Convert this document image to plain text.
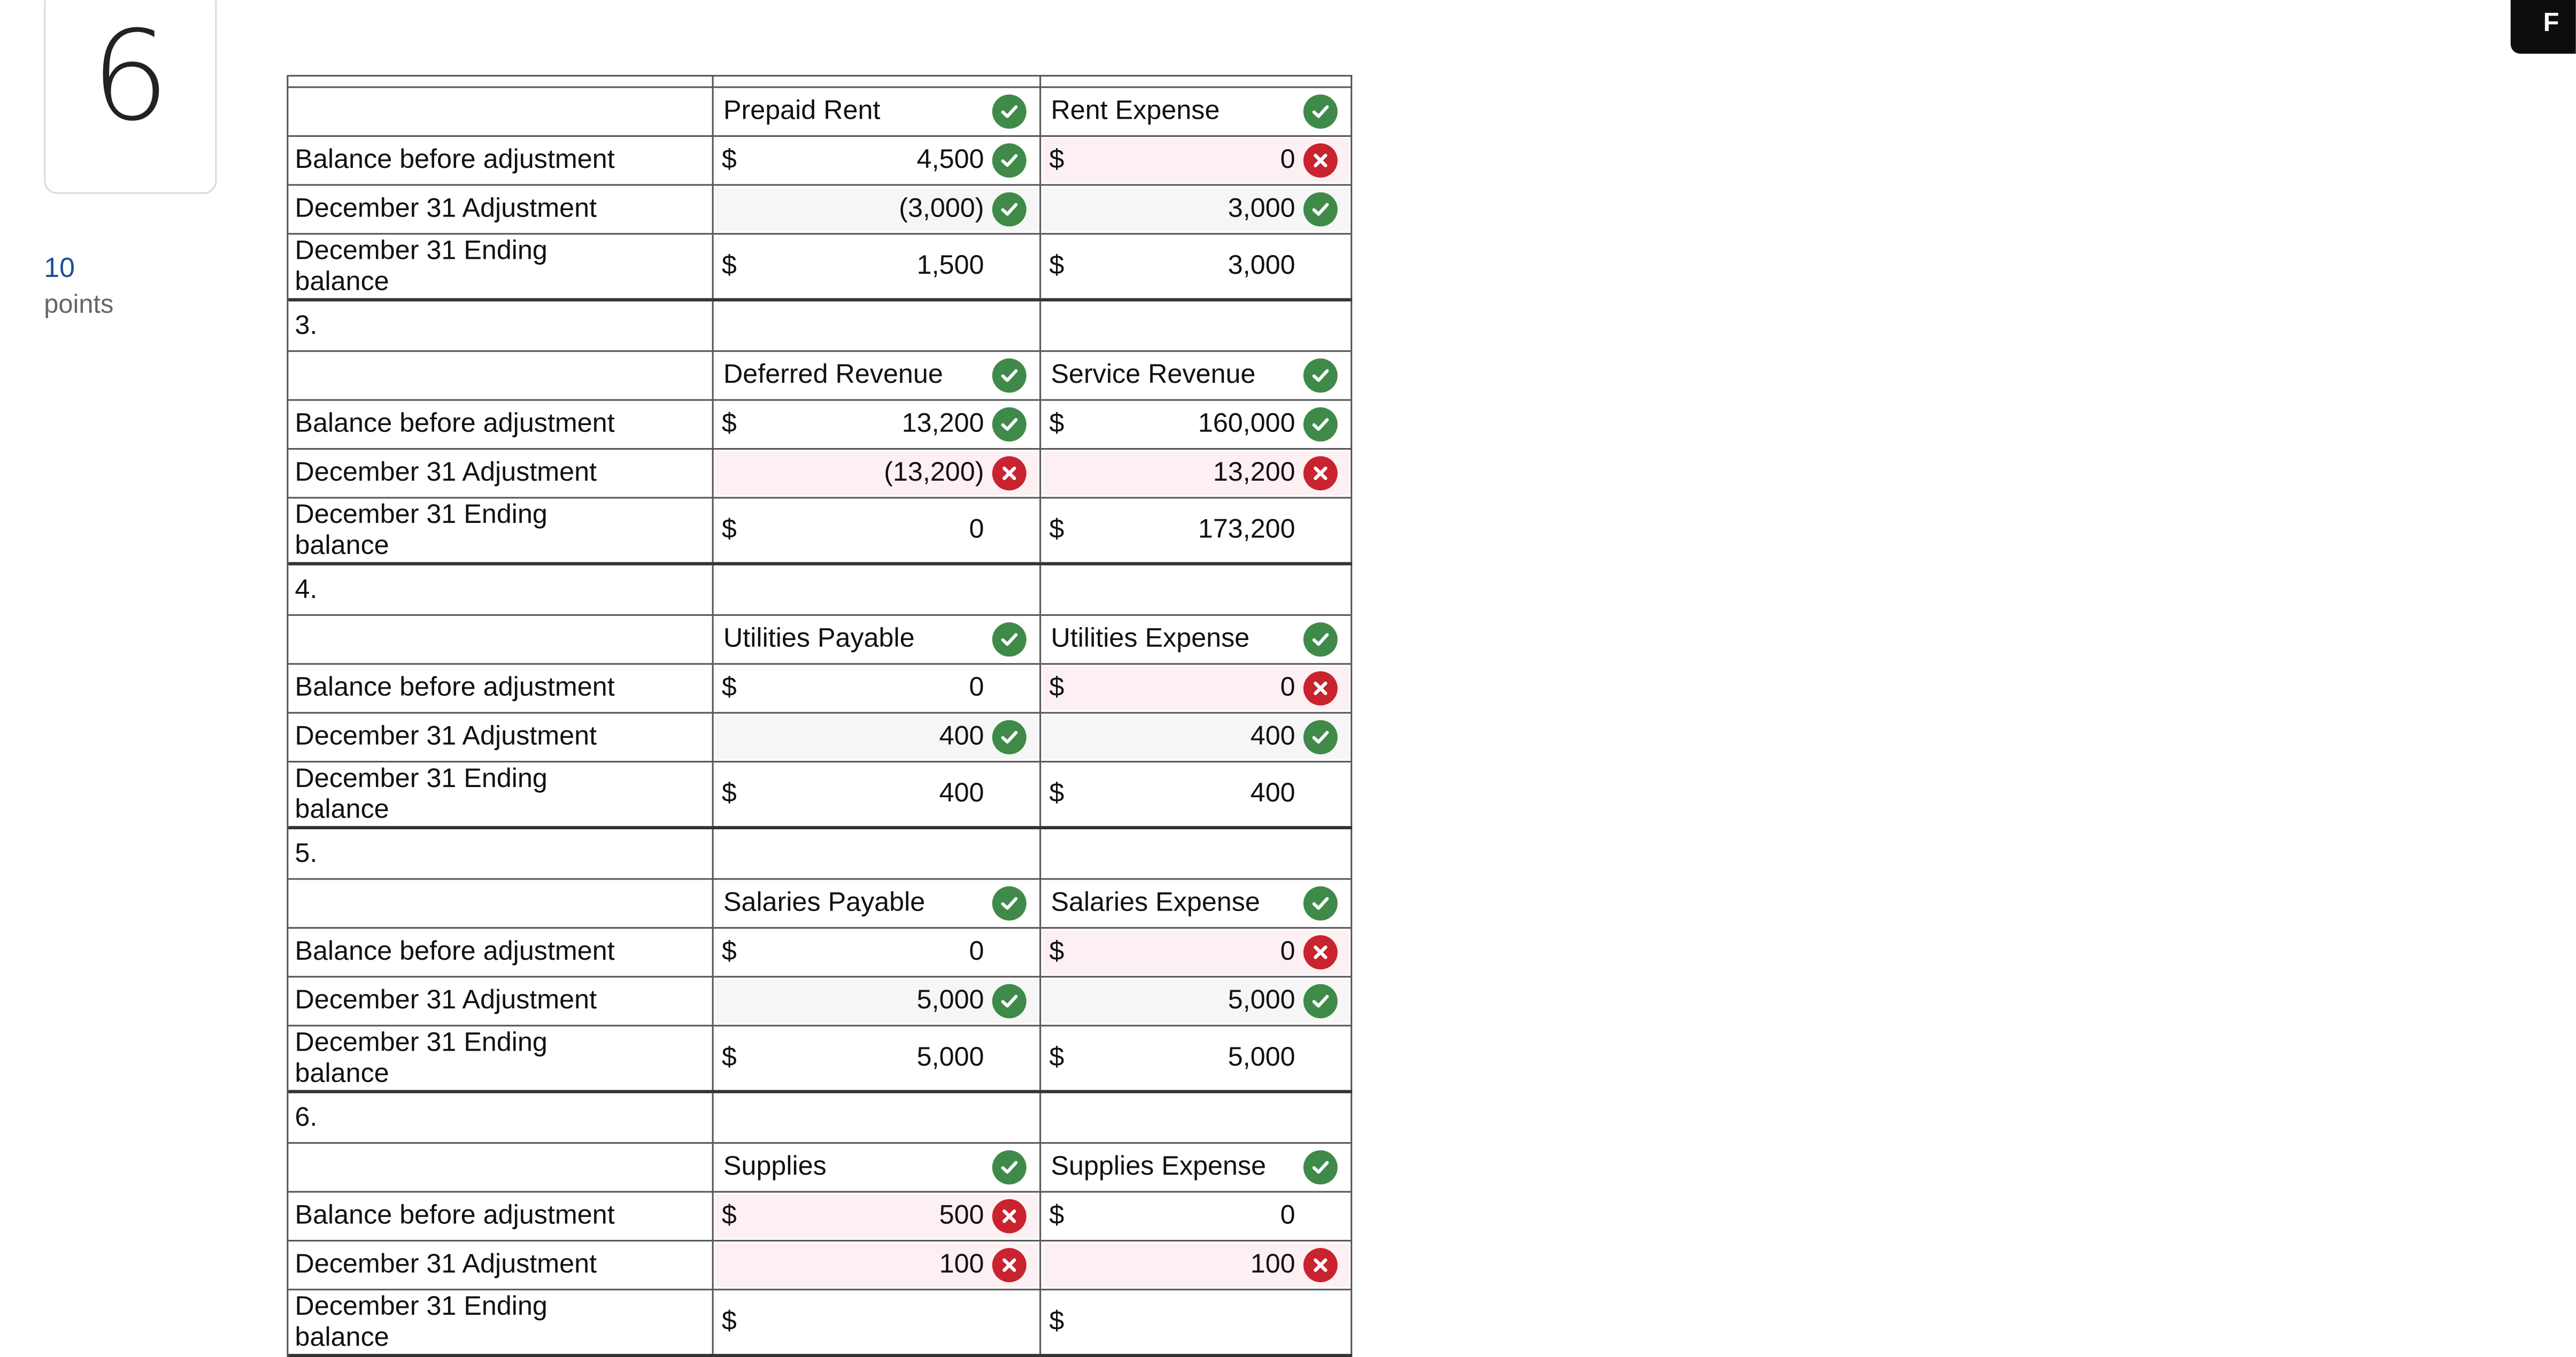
6
10
points
F
Prepaid Rent	Rent Expense
Balance before adjustment	$	4,500	$	0
December 31 Adjustment	(3,000)	3,000
December 31 Ending
balance
$	1,500	$	3,000
3.
Deferred Revenue	Service Revenue
Balance before adjustment	$	13,200	$	160,000
December 31 Adjustment	(13,200)	13,200
December 31 Ending
balance
$	0	$	173,200
4.
Utilities Payable	Utilities Expense
Balance before adjustment	$	0	$	0
December 31 Adjustment	400	400
December 31 Ending
balance
$	400	$	400
5.
Salaries Payable	Salaries Expense
Balance before adjustment	$	0	$	0
December 31 Adjustment	5,000	5,000
December 31 Ending
balance
$	5,000	$	5,000
6.
Supplies	Supplies Expense
Balance before adjustment	$	500	$	0
December 31 Adjustment	100	100
December 31 Ending
balance
$	$
